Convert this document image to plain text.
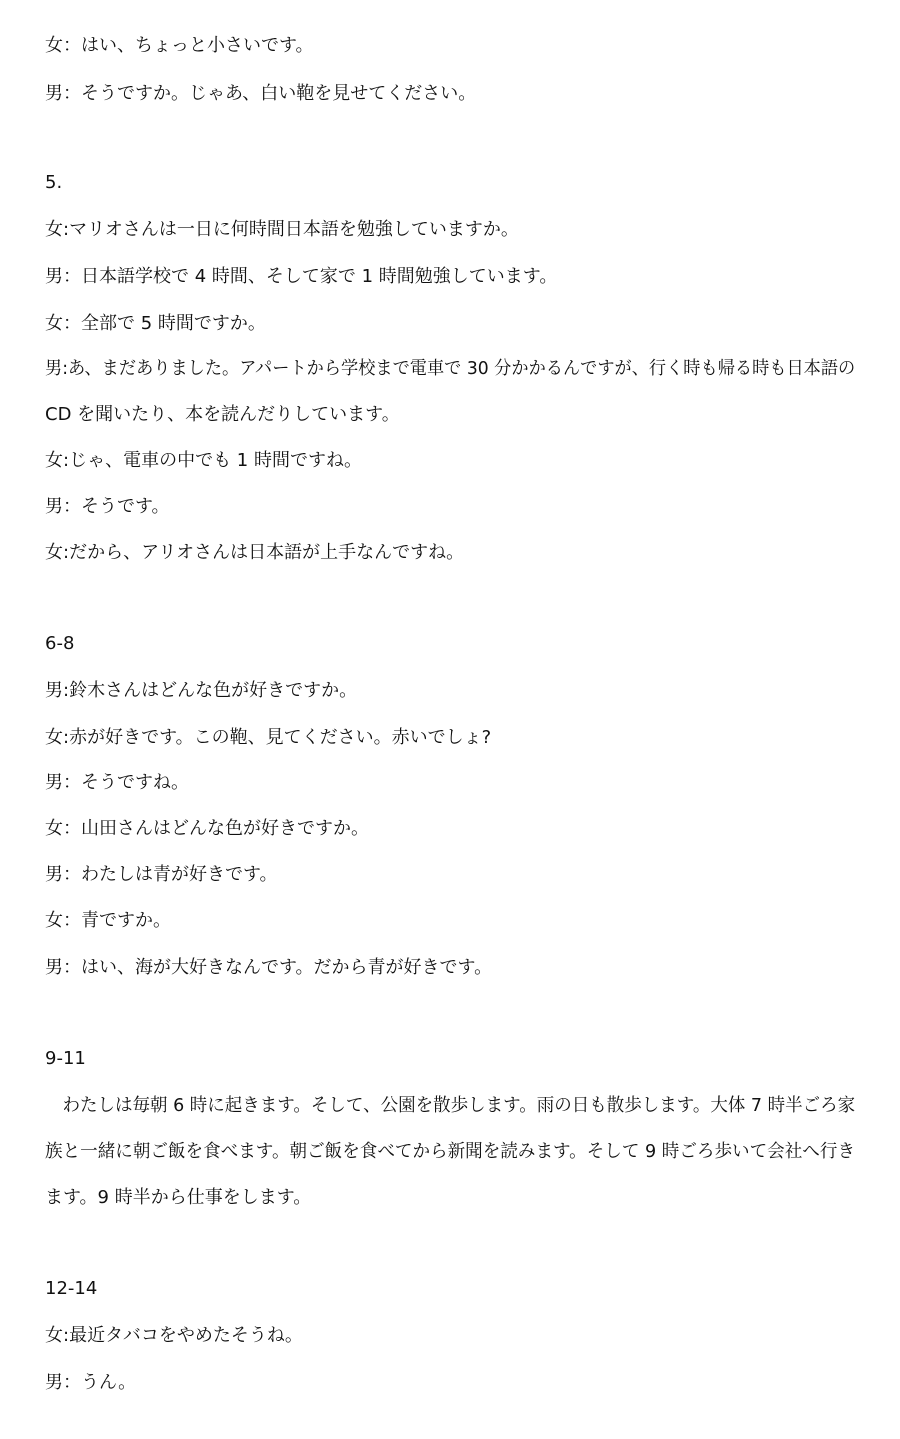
女：はい、ちょっと小さいです。
男：そうですか。じゃあ、白い鞄を見せてください。
5.
女:マリオさんは一日に何時間日本語を勉強していますか。
男：日本語学校で 4 時間、そして家で 1 時間勉強しています。
女：全部で 5 時間ですか。
男:あ、まだありました。アパートから学校まで電車で 30 分かかるんですが、行く時も帰る時も日本語の
CD を聞いたり、本を読んだりしています。
女:じゃ、電車の中でも 1 時間ですね。
男：そうです。
女:だから、アリオさんは日本語が上手なんですね。
6-8
男:鈴木さんはどんな色が好きですか。
女:赤が好きです。この鞄、見てください。赤いでしょ?
男：そうですね。
女：山田さんはどんな色が好きですか。
男：わたしは青が好きです。
女：青ですか。
男：はい、海が大好きなんです。だから青が好きです。
9-11
　わたしは毎朝 6 時に起きます。そして、公園を散歩します。雨の日も散歩します。大体 7 時半ごろ家
族と一緒に朝ご飯を食べます。朝ご飯を食べてから新聞を読みます。そして 9 時ごろ歩いて会社へ行き
ます。9 時半から仕事をします。
12-14
女:最近タバコをやめたそうね。
男：うん。
